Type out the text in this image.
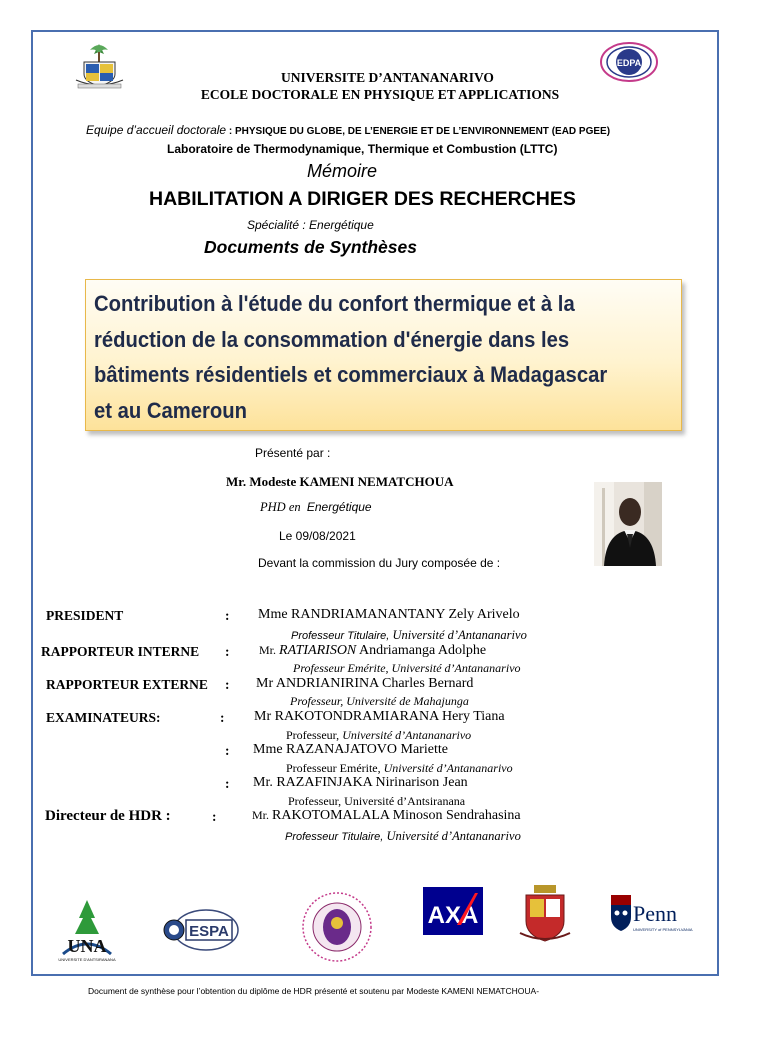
EDPA
UNIVERSITE D’ANTANANARIVO
ECOLE DOCTORALE EN PHYSIQUE ET APPLICATIONS
Equipe d’accueil doctorale : PHYSIQUE DU GLOBE, DE L’ENERGIE ET DE L’ENVIRONNEMENT (EAD PGEE)
Laboratoire de Thermodynamique, Thermique et Combustion (LTTC)
Mémoire
HABILITATION A DIRIGER DES RECHERCHES
Spécialité : Energétique
Documents de Synthèses
Contribution à l'étude du confort thermique et à la
réduction de la consommation d'énergie dans les
bâtiments résidentiels et commerciaux à Madagascar
et au Cameroun
Présenté par :
Mr. Modeste KAMENI NEMATCHOUA
PHD en Energétique
Le 09/08/2021
Devant la commission du Jury composée de :
PRESIDENT	: Mme RANDRIAMANANTANY Zely Arivelo
Professeur Titulaire, Université d’Antananarivo
RAPPORTEUR INTERNE : Mr. RATIARISON Andriamanga Adolphe
Professeur Emérite, Université d’Antananarivo
RAPPORTEUR EXTERNE : Mr ANDRIANIRINA Charles Bernard
Professeur, Université de Mahajunga
EXAMINATEURS:	: Mr RAKOTONDRAMIARANA Hery Tiana
Professeur, Université d’Antananarivo
: Mme RAZANAJATOVO Mariette
Professeur Emérite, Université d’Antananarivo
: Mr. RAZAFINJAKA Nirinarison Jean
Professeur, Université d’Antsiranana
Directeur de HDR :	:	Mr. RAKOTOMALALA Minoson Sendrahasina
Professeur Titulaire, Université d’Antananarivo
UNA
UNIVERSITE D'ANTSIRANANA
ESPA
AXA	Penn
UNIVERSITY of PENNSYLVANIA
Document de synthèse pour l’obtention du diplôme de HDR présenté et soutenu par Modeste KAMENI NEMATCHOUA-
